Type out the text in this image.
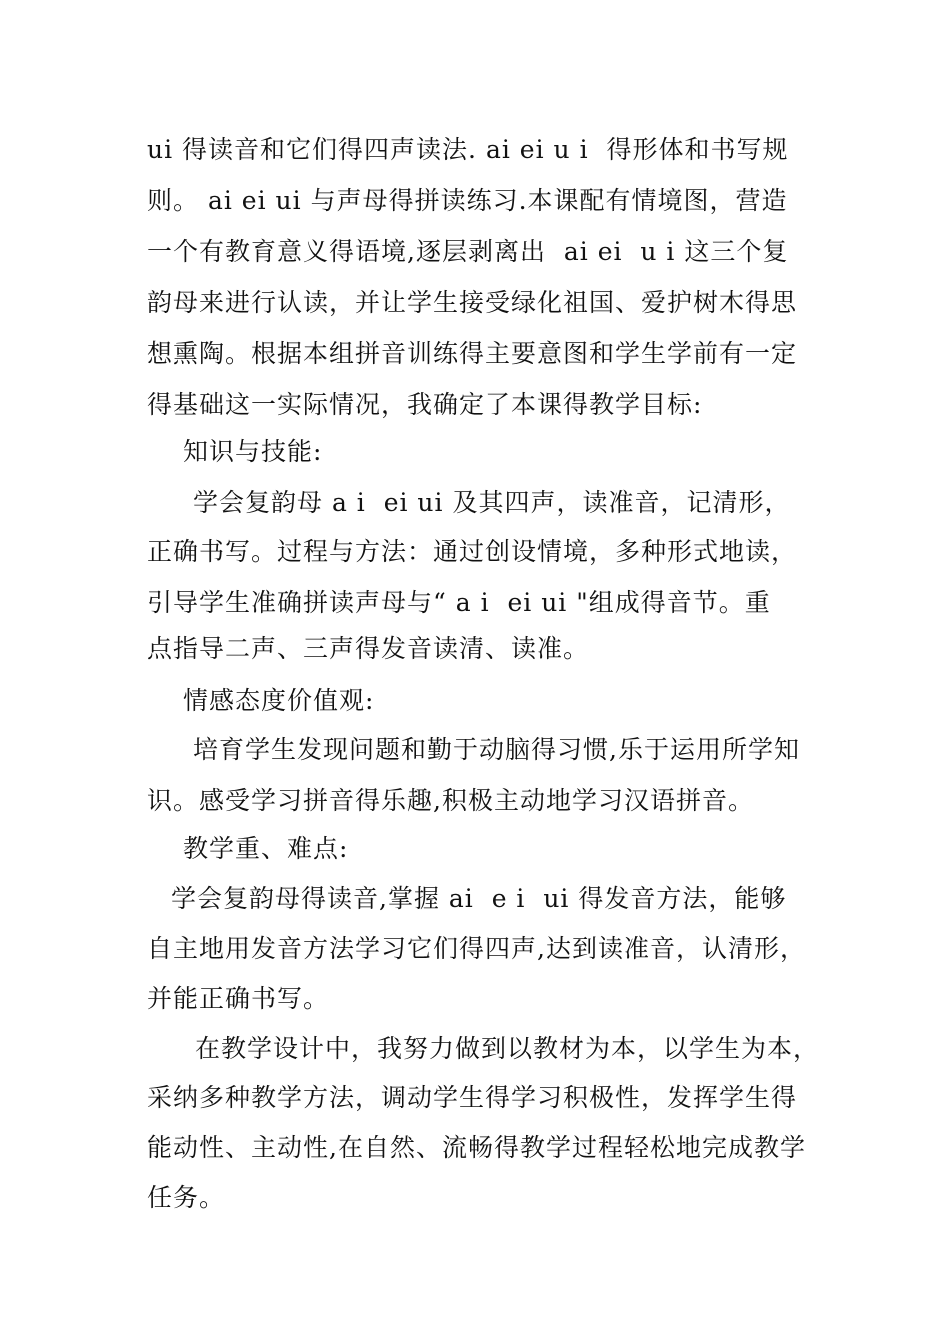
ui 得读音和它们得四声读法. ai ei u i  得形体和书写规
则。 ai ei ui 与声母得拼读练习.本课配有情境图，营造
一个有教育意义得语境,逐层剥离出  ai ei  u i 这三个复
韵母来进行认读，并让学生接受绿化祖国、爱护树木得思
想熏陶。根据本组拼音训练得主要意图和学生学前有一定
得基础这一实际情况，我确定了本课得教学目标:
知识与技能:
学会复韵母 a i  ei ui 及其四声，读准音，记清形，
正确书写。过程与方法：通过创设情境，多种形式地读，
引导学生准确拼读声母与“ a i  ei ui "组成得音节。重
点指导二声、三声得发音读清、读准。
情感态度价值观:
培育学生发现问题和勤于动脑得习惯,乐于运用所学知
识。感受学习拼音得乐趣,积极主动地学习汉语拼音。
教学重、难点:
学会复韵母得读音,掌握 ai  e i  ui 得发音方法，能够
自主地用发音方法学习它们得四声,达到读准音，认清形，
并能正确书写。
在教学设计中，我努力做到以教材为本，以学生为本，
采纳多种教学方法，调动学生得学习积极性，发挥学生得
能动性、主动性,在自然、流畅得教学过程轻松地完成教学
任务。
